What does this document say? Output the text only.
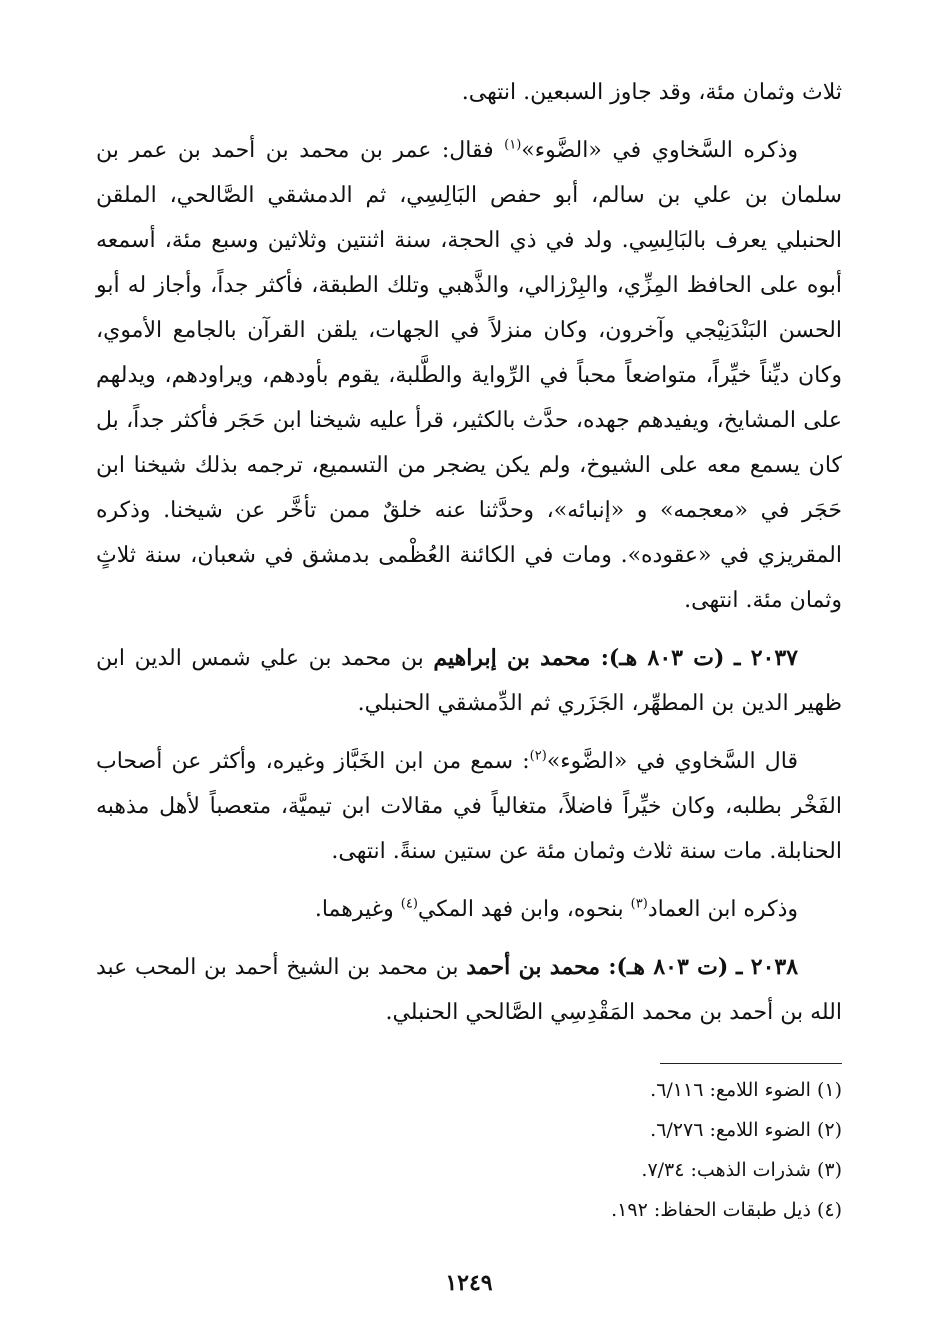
ثلاث وثمان مئة، وقد جاوز السبعين. انتهى.
وذكره السَّخاوي في «الضَّوء»$^{(١)}$ فقال: عمر بن محمد بن أحمد بن عمر بن سلمان بن علي بن سالم، أبو حفص البَالِسِي، ثم الدمشقي الصَّالحي، الملقن الحنبلي يعرف بالبَالِسِي. ولد في ذي الحجة، سنة اثنتين وثلاثين وسبع مئة، أسمعه أبوه على الحافظ المِزِّي، والبِرْزالي، والذَّهبي وتلك الطبقة، فأكثر جداً، وأجاز له أبو الحسن البَنْدَنِيْجي وآخرون، وكان منزلاً في الجهات، يلقن القرآن بالجامع الأموي، وكان ديِّناً خيِّراً، متواضعاً محباً في الرِّواية والطَّلبة، يقوم بأودهم، ويراودهم، ويدلهم على المشايخ، ويفيدهم جهده، حدَّث بالكثير، قرأ عليه شيخنا ابن حَجَر فأكثر جداً، بل كان يسمع معه على الشيوخ، ولم يكن يضجر من التسميع، ترجمه بذلك شيخنا ابن حَجَر في «معجمه» و «إنبائه»، وحدَّثنا عنه خلقٌ ممن تأخَّر عن شيخنا. وذكره المقريزي في «عقوده». ومات في الكائنة العُظْمى بدمشق في شعبان، سنة ثلاثٍ وثمان مئة. انتهى.
٢٠٣٧ ـ (ت ٨٠٣ هـ): محمد بن إبراهيم بن محمد بن علي شمس الدين ابن ظهير الدين بن المطهِّر، الجَزَري ثم الدِّمشقي الحنبلي.
قال السَّخاوي في «الضَّوء»$^{(٢)}$: سمع من ابن الخَبَّاز وغيره، وأكثر عن أصحاب الفَخْر بطلبه، وكان خيِّراً فاضلاً، متغالياً في مقالات ابن تيميَّة، متعصباً لأهل مذهبه الحنابلة. مات سنة ثلاث وثمان مئة عن ستين سنةً. انتهى.
وذكره ابن العماد$^{(٣)}$ بنحوه، وابن فهد المكي$^{(٤)}$ وغيرهما.
٢٠٣٨ ـ (ت ٨٠٣ هـ): محمد بن أحمد بن محمد بن الشيخ أحمد بن المحب عبد الله بن أحمد بن محمد المَقْدِسِي الصَّالحي الحنبلي.
(١) الضوء اللامع: ٦/١١٦.
(٢) الضوء اللامع: ٦/٢٧٦.
(٣) شذرات الذهب: ٧/٣٤.
(٤) ذيل طبقات الحفاظ: ١٩٢.
١٢٤٩
